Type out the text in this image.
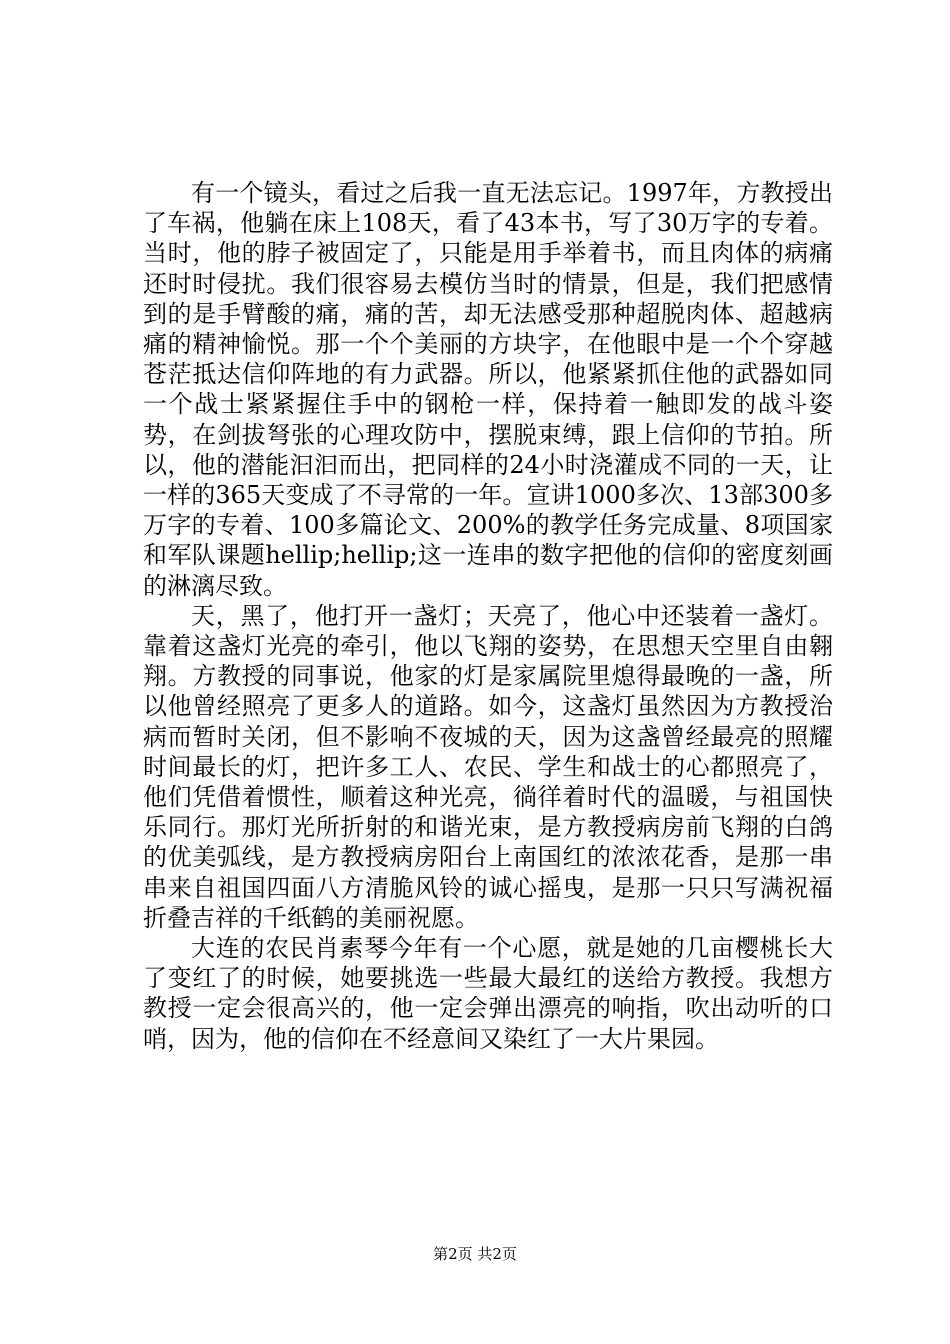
有一个镜头，看过之后我一直无法忘记。1997年，方教授出了车祸，他躺在床上108天，看了43本书，写了30万字的专着。当时，他的脖子被固定了，只能是用手举着书，而且肉体的病痛还时时侵扰。我们很容易去模仿当时的情景，但是，我们把感情到的是手臂酸的痛，痛的苦，却无法感受那种超脱肉体、超越病痛的精神愉悦。那一个个美丽的方块字，在他眼中是一个个穿越苍茫抵达信仰阵地的有力武器。所以，他紧紧抓住他的武器如同一个战士紧紧握住手中的钢枪一样，保持着一触即发的战斗姿势，在剑拔弩张的心理攻防中，摆脱束缚，跟上信仰的节拍。所以，他的潜能汩汩而出，把同样的24小时浇灌成不同的一天，让一样的365天变成了不寻常的一年。宣讲1000多次、13部300多万字的专着、100多篇论文、200%的教学任务完成量、8项国家和军队课题hellip;hellip;这一连串的数字把他的信仰的密度刻画的淋漓尽致。

天，黑了，他打开一盏灯；天亮了，他心中还装着一盏灯。靠着这盏灯光亮的牵引，他以飞翔的姿势，在思想天空里自由翱翔。方教授的同事说，他家的灯是家属院里熄得最晚的一盏，所以他曾经照亮了更多人的道路。如今，这盏灯虽然因为方教授治病而暂时关闭，但不影响不夜城的天，因为这盏曾经最亮的照耀时间最长的灯，把许多工人、农民、学生和战士的心都照亮了，他们凭借着惯性，顺着这种光亮，徜徉着时代的温暖，与祖国快乐同行。那灯光所折射的和谐光束，是方教授病房前飞翔的白鸽的优美弧线，是方教授病房阳台上南国红的浓浓花香，是那一串串来自祖国四面八方清脆风铃的诚心摇曳，是那一只只写满祝福折叠吉祥的千纸鹤的美丽祝愿。

大连的农民肖素琴今年有一个心愿，就是她的几亩樱桃长大了变红了的时候，她要挑选一些最大最红的送给方教授。我想方教授一定会很高兴的，他一定会弹出漂亮的响指，吹出动听的口哨，因为，他的信仰在不经意间又染红了一大片果园。

第2页 共2页
